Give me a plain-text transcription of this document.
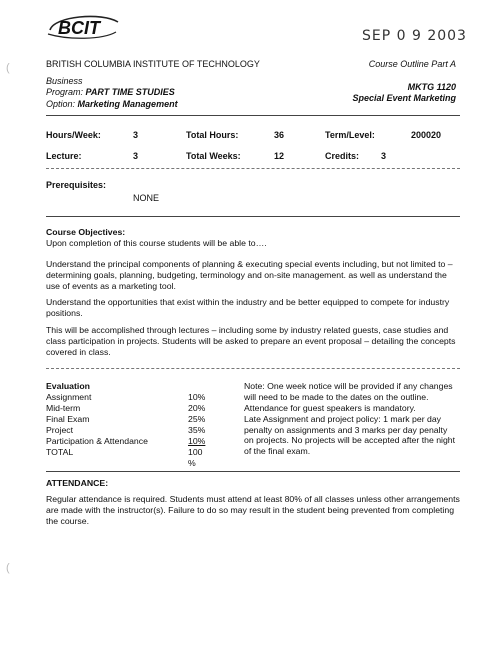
BCIT	SEP 0 9 2003
BRITISH COLUMBIA INSTITUTE OF TECHNOLOGY	Course Outline Part A
Business
Program: PART TIME STUDIES
Option: Marketing Management
MKTG 1120
Special Event Marketing
Hours/Week:	3	Total Hours:	36	Term/Level:	200020
Lecture:	3	Total Weeks:	12	Credits: 3
Prerequisites:
NONE
Course Objectives:

Upon completion of this course students will be able to….

Understand the principal components of planning & executing special events including, but not limited to – determining goals, planning, budgeting, terminology and on-site management. as well as understand the use of events as a marketing tool.

Understand the opportunities that exist within the industry and be better equipped to compete for industry positions.

This will be accomplished through lectures – including some by industry related guests, case studies and class participation in projects. Students will be asked to prepare an event proposal – detailing the concepts covered in class.

Evaluation
Assignment	10%
Mid-term	20%
Final Exam	25%
Project	35%
Participation & Attendance	10%
TOTAL	100 %
Note: One week notice will be provided if any changes
will need to be made to the dates on the outline.
Attendance for guest speakers is mandatory.
Late Assignment and project policy: 1 mark per day
penalty on assignments and 3 marks per day penalty
on projects. No projects will be accepted after the night
of the final exam.
ATTENDANCE:

Regular attendance is required. Students must attend at least 80% of all classes unless other arrangements are made with the instructor(s). Failure to do so may result in the student being prevented from completing the course.

(
(
